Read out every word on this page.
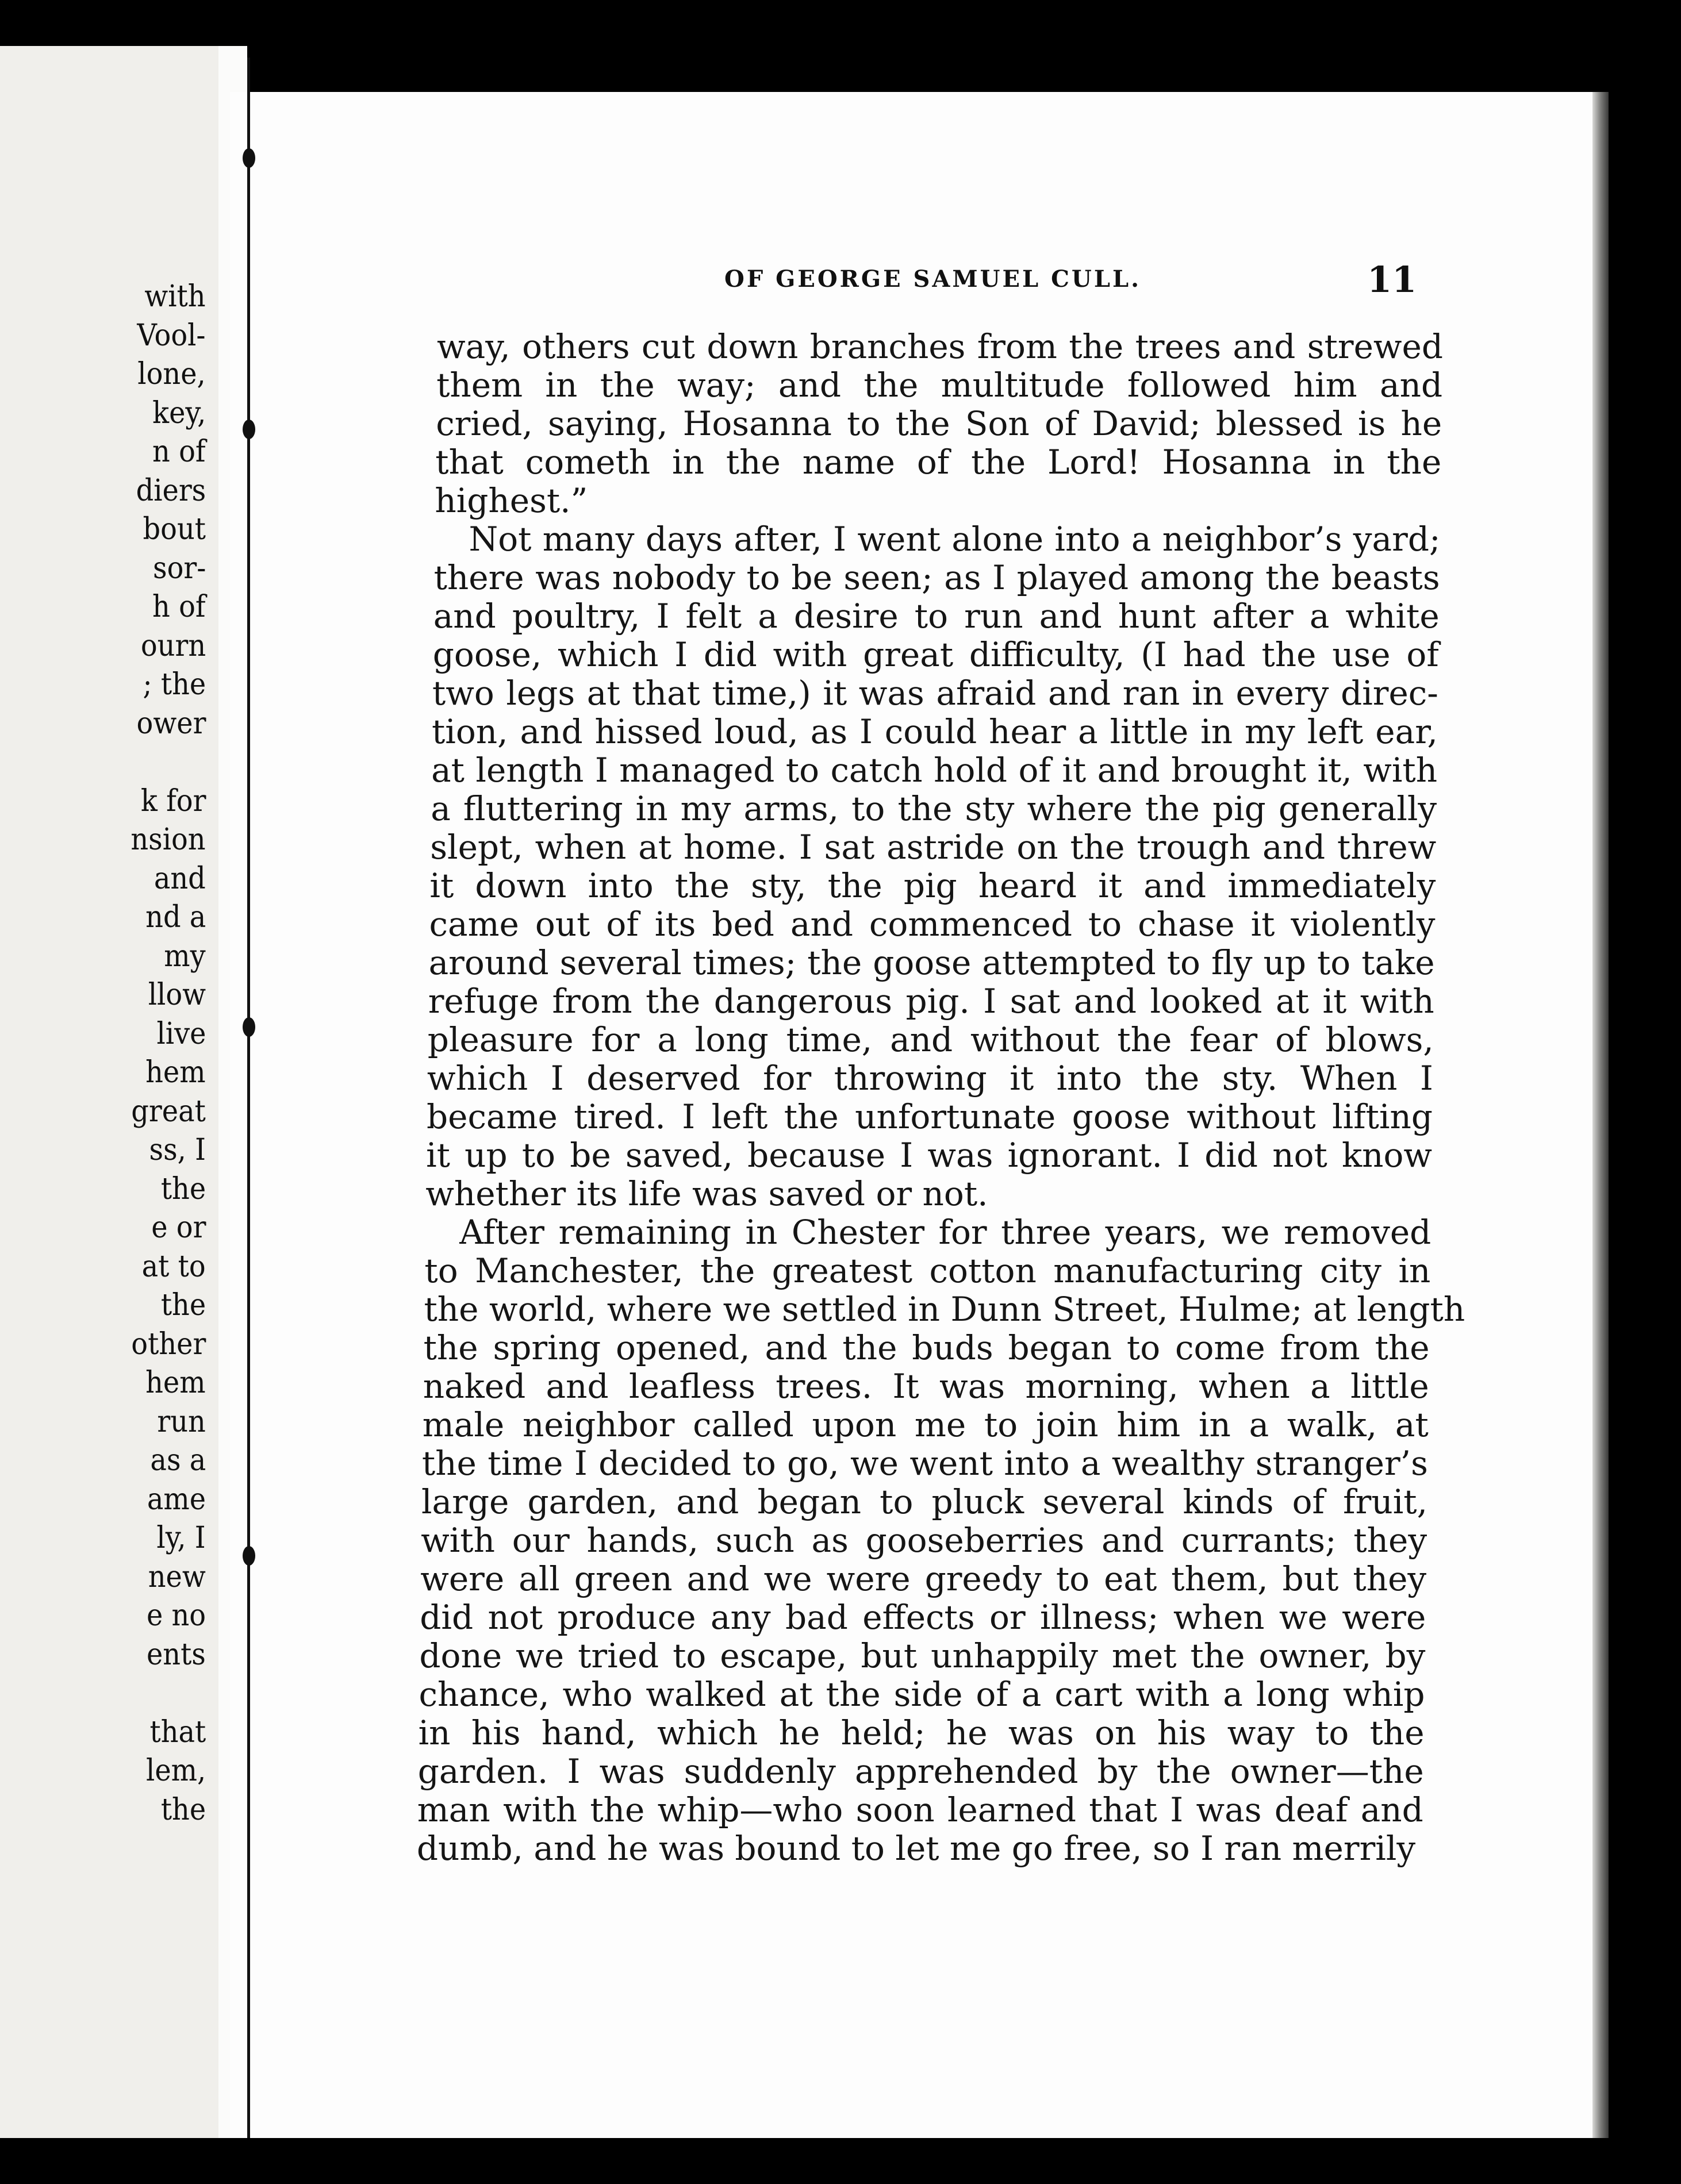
with
Vool-
lone,
key,
n of
diers
bout
sor-
h of
ourn
; the
ower
k for
nsion
and
nd a
my
llow
live
hem
great
ss, I
the
e or
at to
the
other
hem
run
as a
ame
ly, I
new
e no
ents
that
lem,
the
OF GEORGE SAMUEL CULL.	11
way, others cut down branches from the trees and strewed
them in the way; and the multitude followed him and
cried, saying, Hosanna to the Son of David; blessed is he
that cometh in the name of the Lord! Hosanna in the
highest.”
Not many days after, I went alone into a neighbor’s yard;
there was nobody to be seen; as I played among the beasts
and poultry, I felt a desire to run and hunt after a white
goose, which I did with great difficulty, (I had the use of
two legs at that time,) it was afraid and ran in every direc-
tion, and hissed loud, as I could hear a little in my left ear,
at length I managed to catch hold of it and brought it, with
a fluttering in my arms, to the sty where the pig generally
slept, when at home. I sat astride on the trough and threw
it down into the sty, the pig heard it and immediately
came out of its bed and commenced to chase it violently
around several times; the goose attempted to fly up to take
refuge from the dangerous pig. I sat and looked at it with
pleasure for a long time, and without the fear of blows,
which I deserved for throwing it into the sty. When I
became tired. I left the unfortunate goose without lifting
it up to be saved, because I was ignorant. I did not know
whether its life was saved or not.
After remaining in Chester for three years, we removed
to Manchester, the greatest cotton manufacturing city in
the world, where we settled in Dunn Street, Hulme; at length
the spring opened, and the buds began to come from the
naked and leafless trees. It was morning, when a little
male neighbor called upon me to join him in a walk, at
the time I decided to go, we went into a wealthy stranger’s
large garden, and began to pluck several kinds of fruit,
with our hands, such as gooseberries and currants; they
were all green and we were greedy to eat them, but they
did not produce any bad effects or illness; when we were
done we tried to escape, but unhappily met the owner, by
chance, who walked at the side of a cart with a long whip
in his hand, which he held; he was on his way to the
garden. I was suddenly apprehended by the owner—the
man with the whip—who soon learned that I was deaf and
dumb, and he was bound to let me go free, so I ran merrily
